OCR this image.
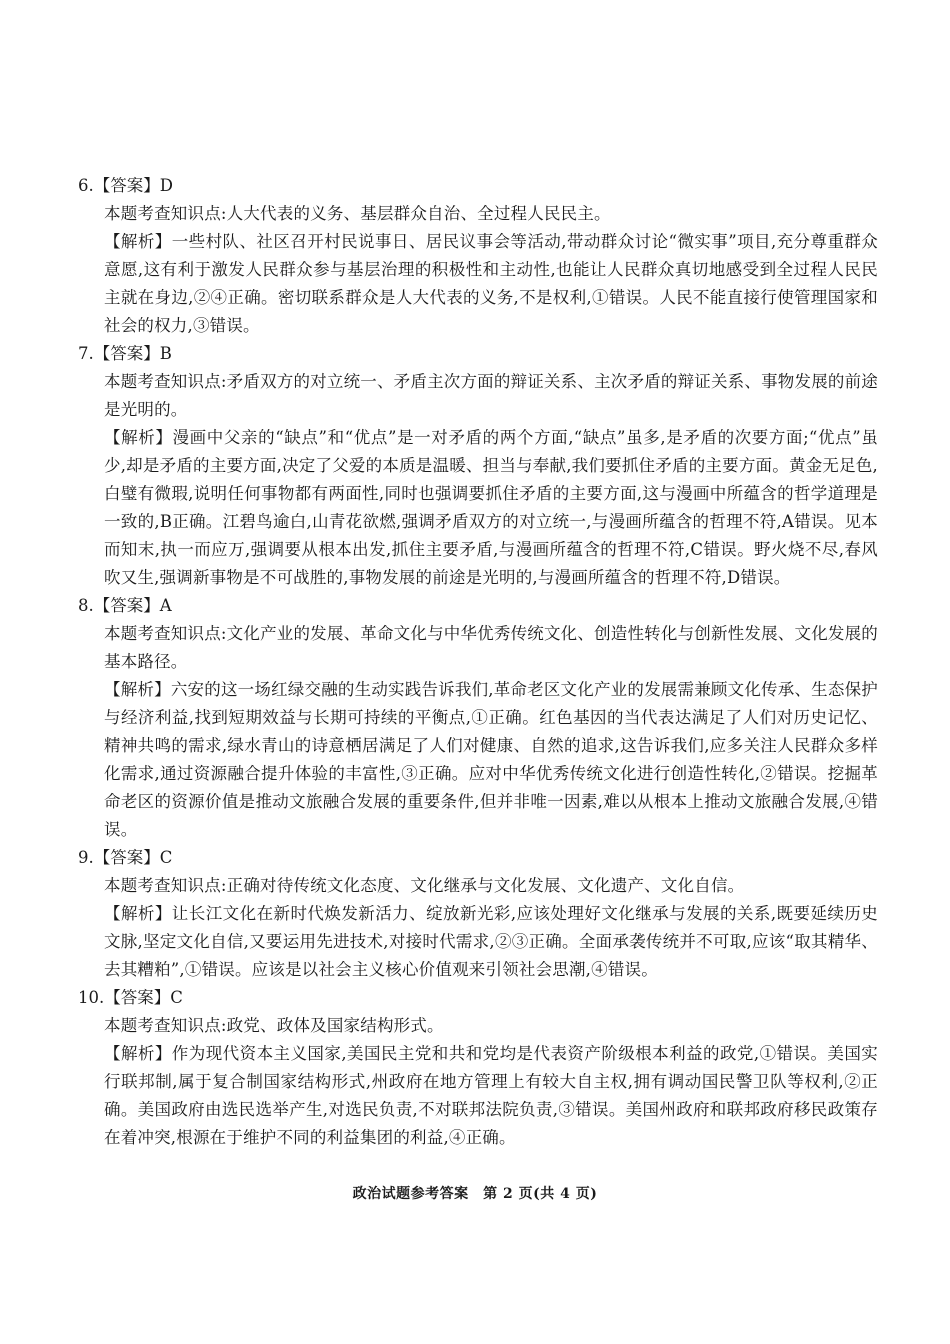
6.【答案】D

本题考查知识点:人大代表的义务、基层群众自治、全过程人民民主。

【解析】一些村队、社区召开村民说事日、居民议事会等活动,带动群众讨论“微实事”项目,充分尊重群众意愿,这有利于激发人民群众参与基层治理的积极性和主动性,也能让人民群众真切地感受到全过程人民民主就在身边,②④正确。密切联系群众是人大代表的义务,不是权利,①错误。人民不能直接行使管理国家和社会的权力,③错误。

7.【答案】B

本题考查知识点:矛盾双方的对立统一、矛盾主次方面的辩证关系、主次矛盾的辩证关系、事物发展的前途是光明的。

【解析】漫画中父亲的“缺点”和“优点”是一对矛盾的两个方面,“缺点”虽多,是矛盾的次要方面;“优点”虽少,却是矛盾的主要方面,决定了父爱的本质是温暖、担当与奉献,我们要抓住矛盾的主要方面。黄金无足色,白璧有微瑕,说明任何事物都有两面性,同时也强调要抓住矛盾的主要方面,这与漫画中所蕴含的哲学道理是一致的,B正确。江碧鸟逾白,山青花欲燃,强调矛盾双方的对立统一,与漫画所蕴含的哲理不符,A错误。见本而知末,执一而应万,强调要从根本出发,抓住主要矛盾,与漫画所蕴含的哲理不符,C错误。野火烧不尽,春风吹又生,强调新事物是不可战胜的,事物发展的前途是光明的,与漫画所蕴含的哲理不符,D错误。

8.【答案】A

本题考查知识点:文化产业的发展、革命文化与中华优秀传统文化、创造性转化与创新性发展、文化发展的基本路径。

【解析】六安的这一场红绿交融的生动实践告诉我们,革命老区文化产业的发展需兼顾文化传承、生态保护与经济利益,找到短期效益与长期可持续的平衡点,①正确。红色基因的当代表达满足了人们对历史记忆、精神共鸣的需求,绿水青山的诗意栖居满足了人们对健康、自然的追求,这告诉我们,应多关注人民群众多样化需求,通过资源融合提升体验的丰富性,③正确。应对中华优秀传统文化进行创造性转化,②错误。挖掘革命老区的资源价值是推动文旅融合发展的重要条件,但并非唯一因素,难以从根本上推动文旅融合发展,④错误。

9.【答案】C

本题考查知识点:正确对待传统文化态度、文化继承与文化发展、文化遗产、文化自信。

【解析】让长江文化在新时代焕发新活力、绽放新光彩,应该处理好文化继承与发展的关系,既要延续历史文脉,坚定文化自信,又要运用先进技术,对接时代需求,②③正确。全面承袭传统并不可取,应该“取其精华、去其糟粕”,①错误。应该是以社会主义核心价值观来引领社会思潮,④错误。

10.【答案】C

本题考查知识点:政党、政体及国家结构形式。

【解析】作为现代资本主义国家,美国民主党和共和党均是代表资产阶级根本利益的政党,①错误。美国实行联邦制,属于复合制国家结构形式,州政府在地方管理上有较大自主权,拥有调动国民警卫队等权利,②正确。美国政府由选民选举产生,对选民负责,不对联邦法院负责,③错误。美国州政府和联邦政府移民政策存在着冲突,根源在于维护不同的利益集团的利益,④正确。

政治试题参考答案　第 2 页(共 4 页)
